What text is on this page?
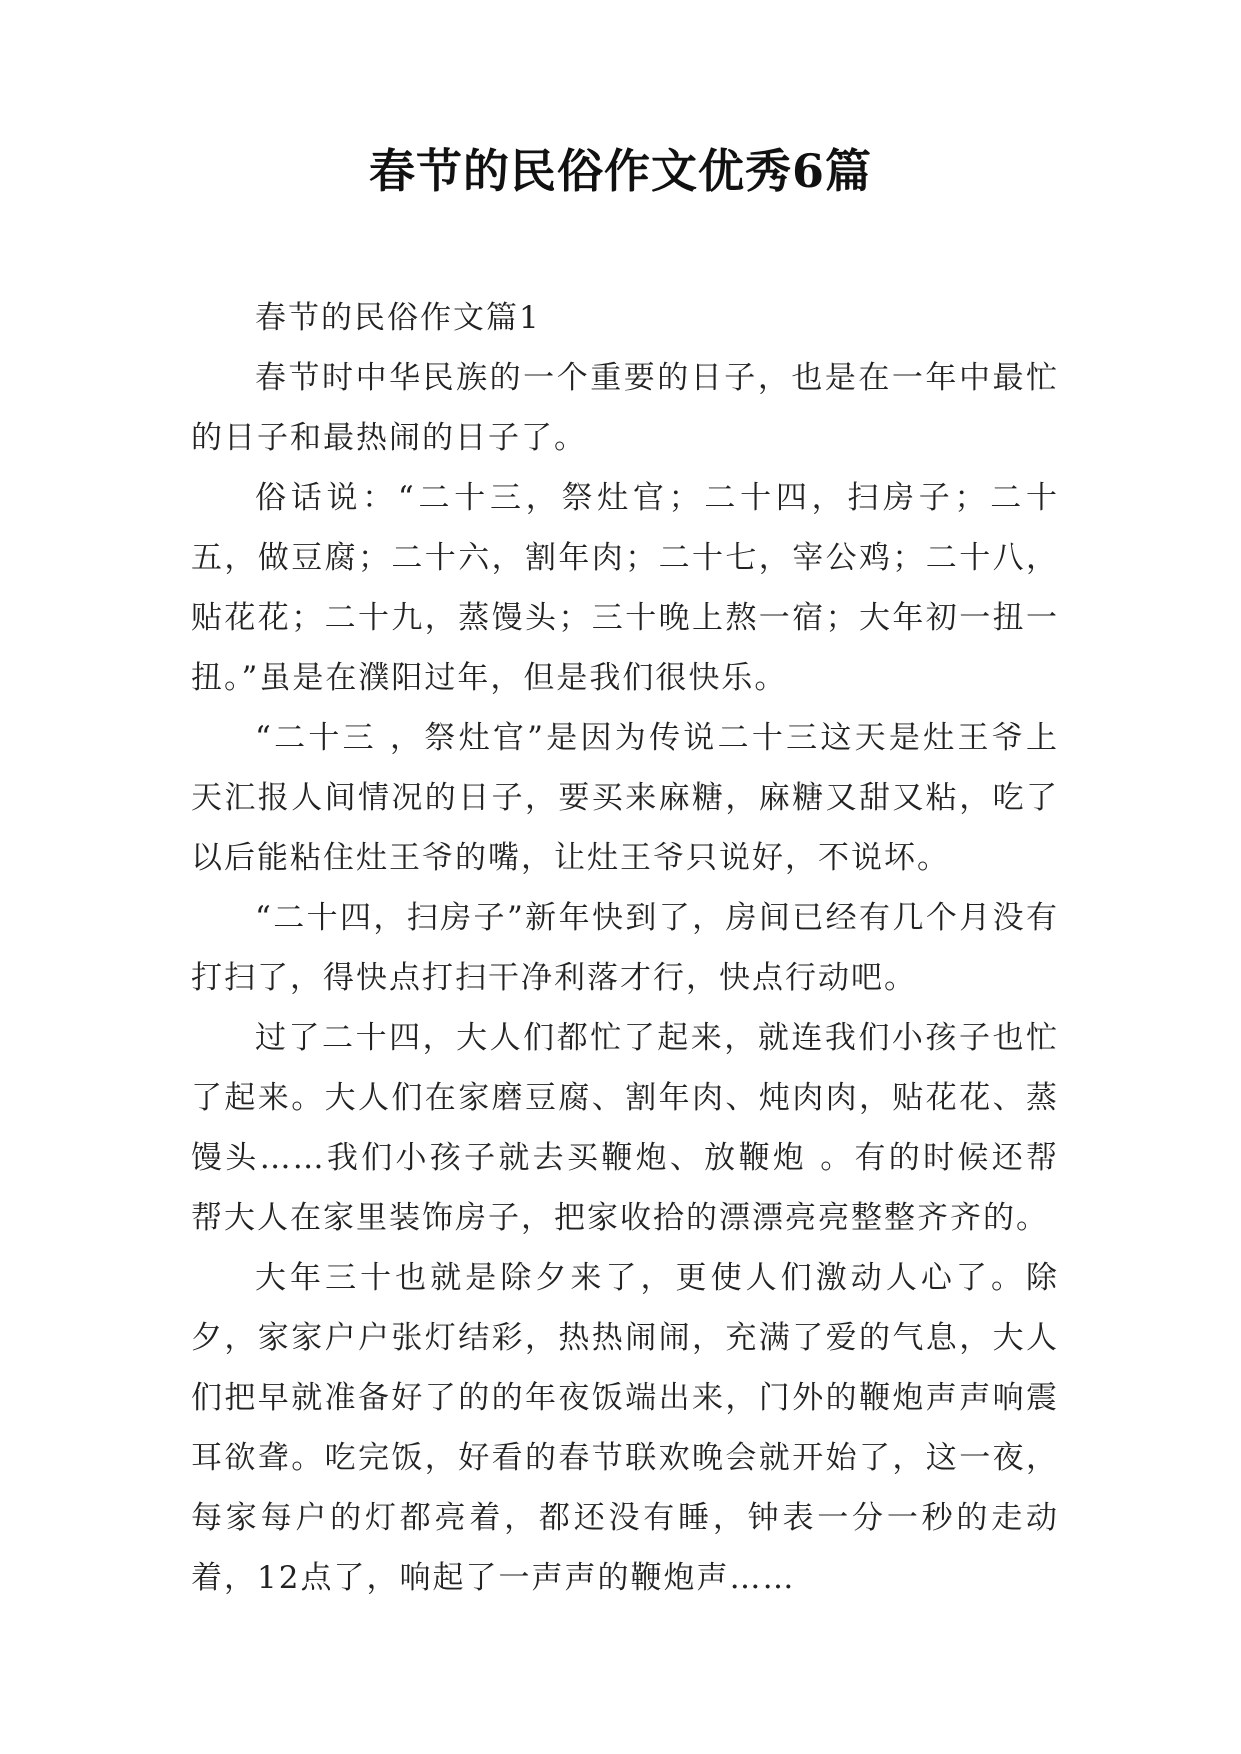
春节的民俗作文优秀6篇

春节的民俗作文篇1

春节时中华民族的一个重要的日子，也是在一年中最忙的日子和最热闹的日子了。

俗话说：“二十三，祭灶官；二十四，扫房子；二十五，做豆腐；二十六，割年肉；二十七，宰公鸡；二十八，贴花花；二十九，蒸馒头；三十晚上熬一宿；大年初一扭一扭。”虽是在濮阳过年，但是我们很快乐。

“二十三 ，祭灶官”是因为传说二十三这天是灶王爷上天汇报人间情况的日子，要买来麻糖，麻糖又甜又粘，吃了以后能粘住灶王爷的嘴，让灶王爷只说好，不说坏。

“二十四，扫房子”新年快到了，房间已经有几个月没有打扫了，得快点打扫干净利落才行，快点行动吧。

过了二十四，大人们都忙了起来，就连我们小孩子也忙了起来。大人们在家磨豆腐、割年肉、炖肉肉，贴花花、蒸馒头……我们小孩子就去买鞭炮、放鞭炮 。有的时候还帮帮大人在家里装饰房子，把家收拾的漂漂亮亮整整齐齐的。

大年三十也就是除夕来了，更使人们激动人心了。除夕，家家户户张灯结彩，热热闹闹，充满了爱的气息，大人们把早就准备好了的的年夜饭端出来，门外的鞭炮声声响震耳欲聋。吃完饭，好看的春节联欢晚会就开始了，这一夜，每家每户的灯都亮着，都还没有睡，钟表一分一秒的走动着，12点了，响起了一声声的鞭炮声……
